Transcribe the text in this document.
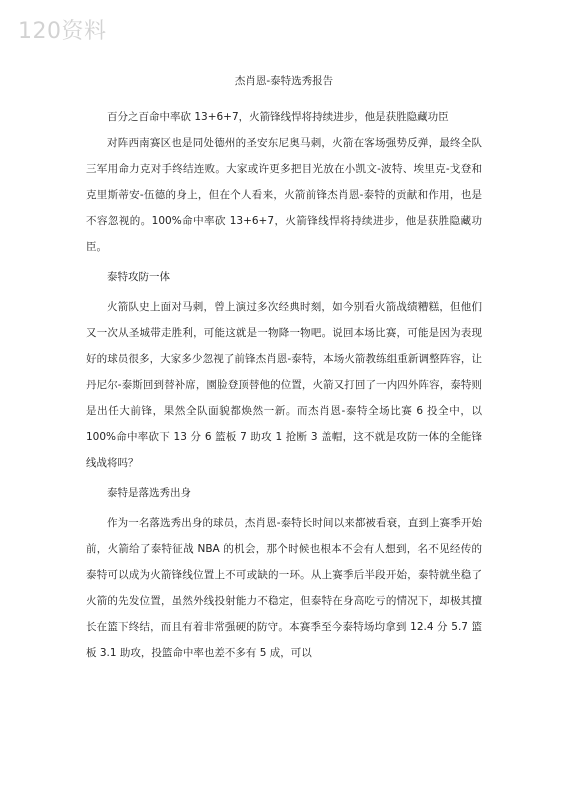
120资料
杰肖恩-泰特选秀报告

百分之百命中率砍 13+6+7，火箭锋线悍将持续进步，他是获胜隐藏功臣

对阵西南赛区也是同处德州的圣安东尼奥马刺，火箭在客场强势反弹，最终全队三军用命力克对手终结连败。大家或许更多把目光放在小凯文-波特、埃里克-戈登和克里斯蒂安-伍德的身上，但在个人看来，火箭前锋杰肖恩-泰特的贡献和作用，也是不容忽视的。100%命中率砍 13+6+7，火箭锋线悍将持续进步，他是获胜隐藏功臣。

泰特攻防一体

火箭队史上面对马刺，曾上演过多次经典时刻，如今别看火箭战绩糟糕，但他们又一次从圣城带走胜利，可能这就是一物降一物吧。说回本场比赛，可能是因为表现好的球员很多，大家多少忽视了前锋杰肖恩-泰特，本场火箭教练组重新调整阵容，让丹尼尔-泰斯回到替补席，園脸登顶替他的位置，火箭又打回了一内四外阵容，泰特则是出任大前锋，果然全队面貌都焕然一新。而杰肖恩-泰特全场比赛 6 投全中，以 100%命中率砍下 13 分 6 篮板 7 助攻 1 抢断 3 盖帽，这不就是攻防一体的全能锋线战将吗？

泰特是落选秀出身

作为一名落选秀出身的球员，杰肖恩-泰特长时间以来都被看衰，直到上赛季开始前，火箭给了泰特征战 NBA 的机会，那个时候也根本不会有人想到，名不见经传的泰特可以成为火箭锋线位置上不可或缺的一环。从上赛季后半段开始，泰特就坐稳了火箭的先发位置，虽然外线投射能力不稳定，但泰特在身高吃亏的情况下，却极其擅长在篮下终结，而且有着非常强硬的防守。本赛季至今泰特场均拿到 12.4 分 5.7 篮板 3.1 助攻，投篮命中率也差不多有 5 成，可以
